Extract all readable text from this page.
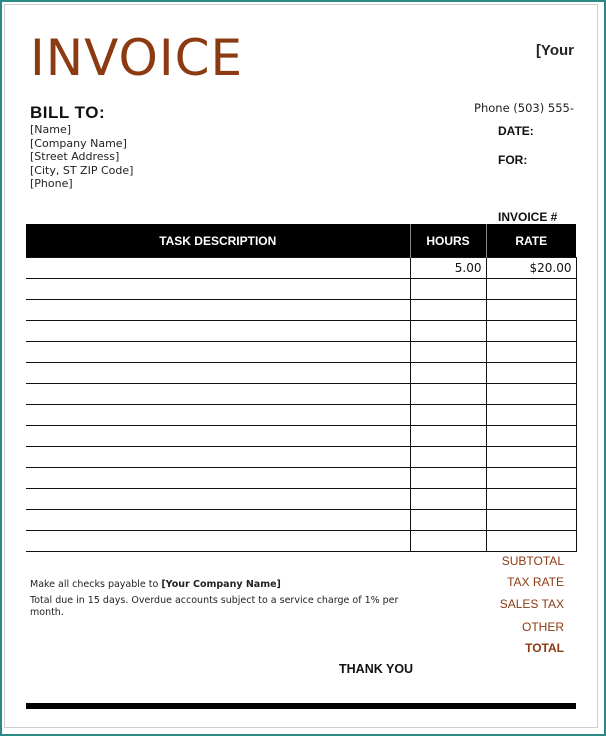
INVOICE	[Your
BILL TO:
[Name]
[Company Name]
[Street Address]
[City, ST ZIP Code]
[Phone]
Phone (503) 555-
DATE:
FOR:
INVOICE #
TASK DESCRIPTION	HOURS	RATE
	5.00	$20.00

Make all checks payable to [Your Company Name]
Total due in 15 days. Overdue accounts subject to a service charge of 1% per month.
SUBTOTAL
TAX RATE
SALES TAX
OTHER
TOTAL
THANK YOU
